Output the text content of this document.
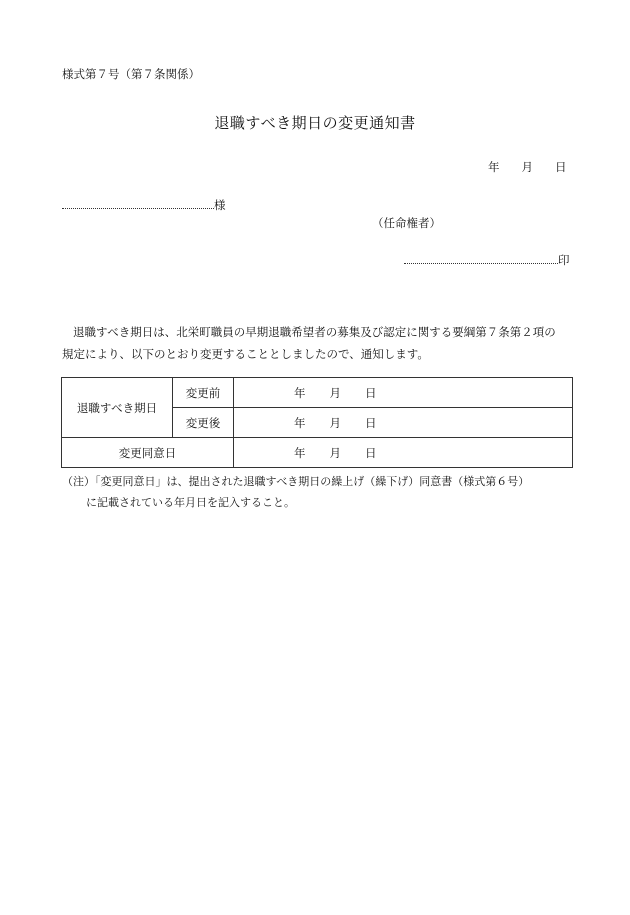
様式第７号（第７条関係）
退職すべき期日の変更通知書
年 月 日
様
（任命権者）
印
退職すべき期日は、北栄町職員の早期退職希望者の募集及び認定に関する要綱第７条第２項の
規定により、以下のとおり変更することとしましたので、通知します。
退職すべき期日	変更前	年 月 日
	変更後	年 月 日
変更同意日		年 月 日
（注）「変更同意日」は、提出された退職すべき期日の繰上げ（繰下げ）同意書（様式第６号）
に記載されている年月日を記入すること。
